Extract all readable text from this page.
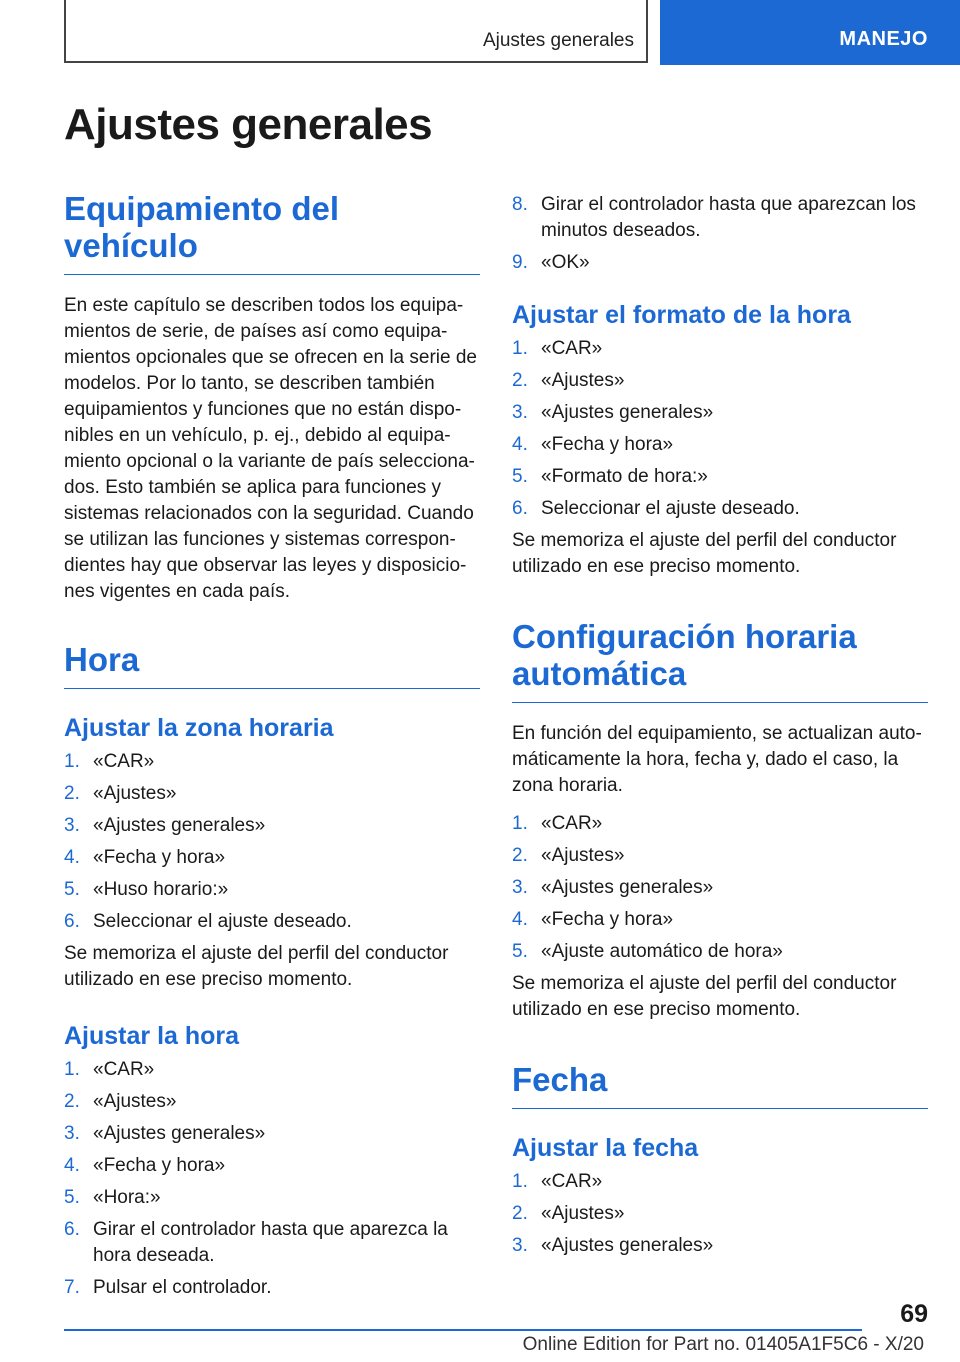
Ajustes generales	MANEJO
Ajustes generales
Equipamiento del vehículo

En este capítulo se describen todos los equipa-mientos de serie, de países así como equipa-mientos opcionales que se ofrecen en la serie de modelos. Por lo tanto, se describen también equipamientos y funciones que no están dispo-nibles en un vehículo, p. ej., debido al equipa-miento opcional o la variante de país selecciona-dos. Esto también se aplica para funciones y sistemas relacionados con la seguridad. Cuando se utilizan las funciones y sistemas correspon-dientes hay que observar las leyes y disposicio-nes vigentes en cada país.

Hora
Ajustar la zona horaria
1. «CAR»
2. «Ajustes»
3. «Ajustes generales»
4. «Fecha y hora»
5. «Huso horario:»
6. Seleccionar el ajuste deseado.

Se memoriza el ajuste del perfil del conductor utilizado en ese preciso momento.

Ajustar la hora
1. «CAR»
2. «Ajustes»
3. «Ajustes generales»
4. «Fecha y hora»
5. «Hora:»
6. Girar el controlador hasta que aparezca la hora deseada.
7. Pulsar el controlador.
8. Girar el controlador hasta que aparezcan los minutos deseados.
9. «OK»
Ajustar el formato de la hora
1. «CAR»
2. «Ajustes»
3. «Ajustes generales»
4. «Fecha y hora»
5. «Formato de hora:»
6. Seleccionar el ajuste deseado.

Se memoriza el ajuste del perfil del conductor utilizado en ese preciso momento.

Configuración horaria automática

En función del equipamiento, se actualizan auto-máticamente la hora, fecha y, dado el caso, la zona horaria.

1. «CAR»
2. «Ajustes»
3. «Ajustes generales»
4. «Fecha y hora»
5. «Ajuste automático de hora»

Se memoriza el ajuste del perfil del conductor utilizado en ese preciso momento.

Fecha
Ajustar la fecha
1. «CAR»
2. «Ajustes»
3. «Ajustes generales»
69
Online Edition for Part no. 01405A1F5C6 - X/20
